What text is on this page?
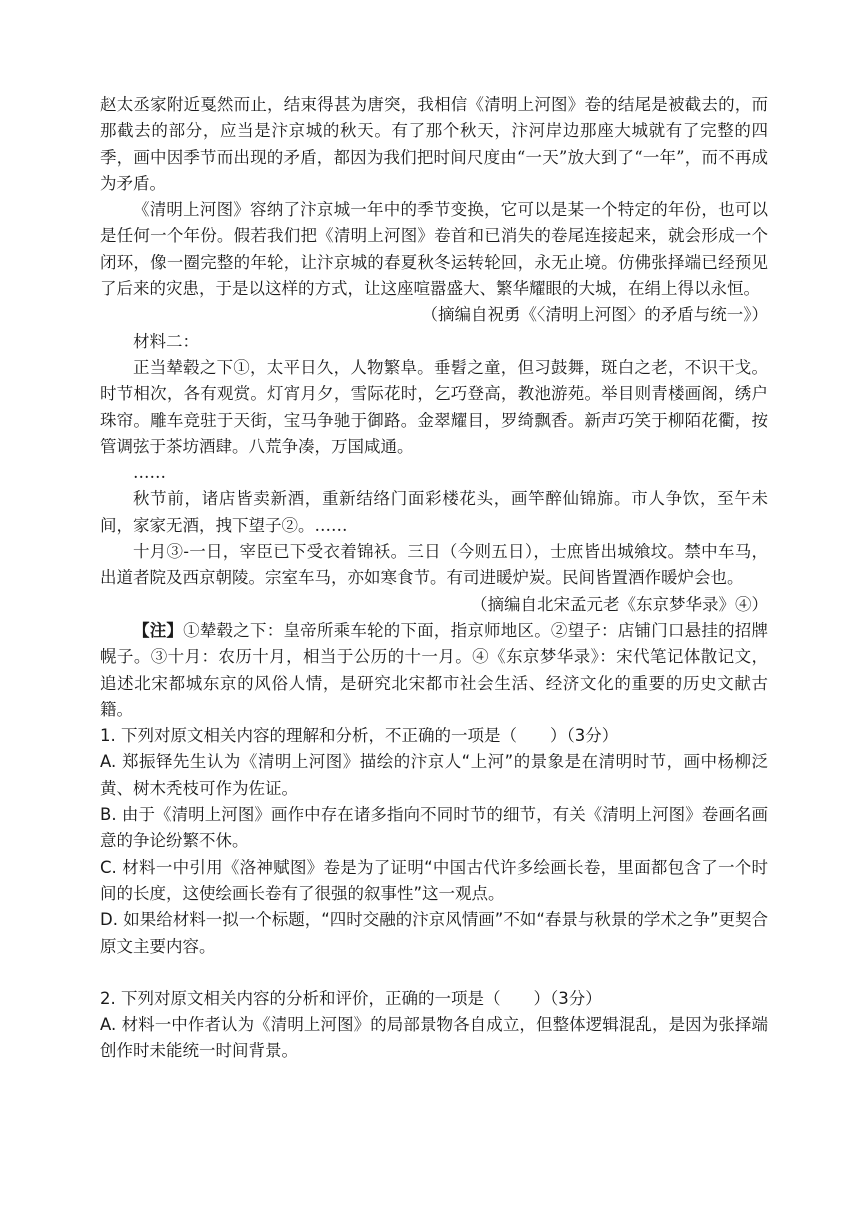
赵太丞家附近戛然而止，结束得甚为唐突，我相信《清明上河图》卷的结尾是被截去的，而那截去的部分，应当是汴京城的秋天。有了那个秋天，汴河岸边那座大城就有了完整的四季，画中因季节而出现的矛盾，都因为我们把时间尺度由“一天”放大到了“一年”，而不再成为矛盾。

《清明上河图》容纳了汴京城一年中的季节变换，它可以是某一个特定的年份，也可以是任何一个年份。假若我们把《清明上河图》卷首和已消失的卷尾连接起来，就会形成一个闭环，像一圈完整的年轮，让汴京城的春夏秋冬运转轮回，永无止境。仿佛张择端已经预见了后来的灾患，于是以这样的方式，让这座喧嚣盛大、繁华耀眼的大城，在绢上得以永恒。

（摘编自祝勇《〈清明上河图〉的矛盾与统一》）

材料二：

正当辇毂之下①，太平日久，人物繁阜。垂髫之童，但习鼓舞，斑白之老，不识干戈。时节相次，各有观赏。灯宵月夕，雪际花时，乞巧登高，教池游苑。举目则青楼画阁，绣户珠帘。雕车竞驻于天街，宝马争驰于御路。金翠耀目，罗绮飘香。新声巧笑于柳陌花衢，按管调弦于茶坊酒肆。八荒争凑，万国咸通。

……

秋节前，诸店皆卖新酒，重新结络门面彩楼花头，画竿醉仙锦旆。市人争饮，至午未间，家家无酒，拽下望子②。……

十月③-一日，宰臣已下受衣着锦袄。三日（今则五日），士庶皆出城飨坟。禁中车马，出道者院及西京朝陵。宗室车马，亦如寒食节。有司进暖炉炭。民间皆置酒作暖炉会也。

（摘编自北宋孟元老《东京梦华录》④）

【注】①辇毂之下：皇帝所乘车轮的下面，指京师地区。②望子：店铺门口悬挂的招牌幌子。③十月：农历十月，相当于公历的十一月。④《东京梦华录》：宋代笔记体散记文，追述北宋都城东京的风俗人情，是研究北宋都市社会生活、经济文化的重要的历史文献古籍。

1. 下列对原文相关内容的理解和分析，不正确的一项是（　　）（3分）

A. 郑振铎先生认为《清明上河图》描绘的汴京人“上河”的景象是在清明时节，画中杨柳泛黄、树木秃枝可作为佐证。

B. 由于《清明上河图》画作中存在诸多指向不同时节的细节，有关《清明上河图》卷画名画意的争论纷繁不休。

C. 材料一中引用《洛神赋图》卷是为了证明“中国古代许多绘画长卷，里面都包含了一个时间的长度，这使绘画长卷有了很强的叙事性”这一观点。

D. 如果给材料一拟一个标题，“四时交融的汴京风情画”不如“春景与秋景的学术之争”更契合原文主要内容。

2. 下列对原文相关内容的分析和评价，正确的一项是（　　）（3分）

A. 材料一中作者认为《清明上河图》的局部景物各自成立，但整体逻辑混乱，是因为张择端创作时未能统一时间背景。
